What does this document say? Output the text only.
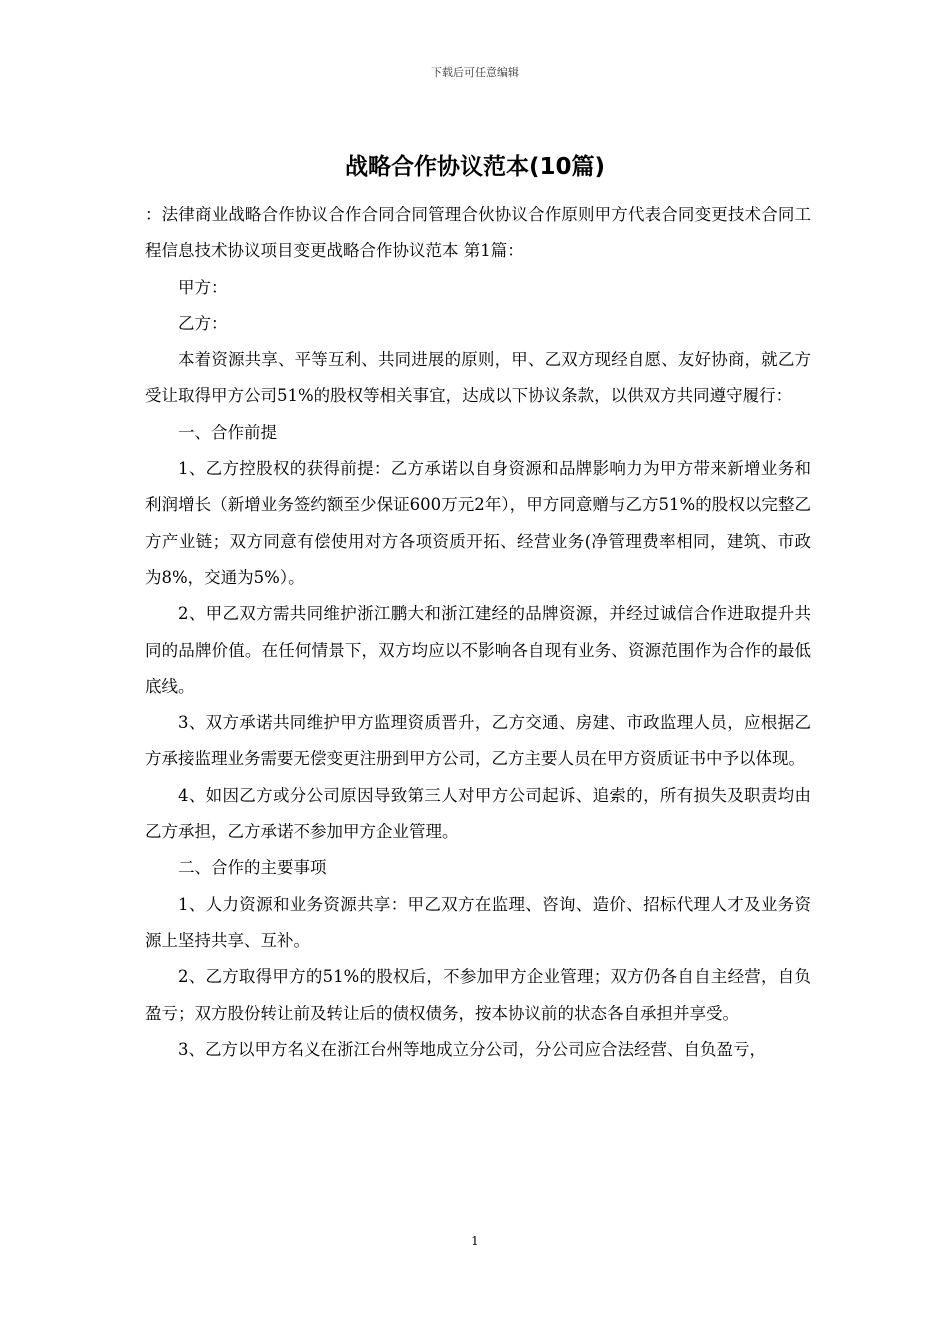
下载后可任意编辑
战略合作协议范本(10篇)

：法律商业战略合作协议合作合同合同管理合伙协议合作原则甲方代表合同变更技术合同工程信息技术协议项目变更战略合作协议范本 第1篇：

甲方：

乙方：

本着资源共享、平等互利、共同进展的原则，甲、乙双方现经自愿、友好协商，就乙方受让取得甲方公司51%的股权等相关事宜，达成以下协议条款，以供双方共同遵守履行：

一、合作前提

1、乙方控股权的获得前提：乙方承诺以自身资源和品牌影响力为甲方带来新增业务和利润增长（新增业务签约额至少保证600万元2年），甲方同意赠与乙方51%的股权以完整乙方产业链；双方同意有偿使用对方各项资质开拓、经营业务(净管理费率相同，建筑、市政为8%，交通为5%）。

2、甲乙双方需共同维护浙江鹏大和浙江建经的品牌资源，并经过诚信合作进取提升共同的品牌价值。在任何情景下，双方均应以不影响各自现有业务、资源范围作为合作的最低底线。

3、双方承诺共同维护甲方监理资质晋升，乙方交通、房建、市政监理人员，应根据乙方承接监理业务需要无偿变更注册到甲方公司，乙方主要人员在甲方资质证书中予以体现。

4、如因乙方或分公司原因导致第三人对甲方公司起诉、追索的，所有损失及职责均由乙方承担，乙方承诺不参加甲方企业管理。

二、合作的主要事项

1、人力资源和业务资源共享：甲乙双方在监理、咨询、造价、招标代理人才及业务资源上坚持共享、互补。

2、乙方取得甲方的51%的股权后，不参加甲方企业管理；双方仍各自自主经营，自负盈亏；双方股份转让前及转让后的债权债务，按本协议前的状态各自承担并享受。

3、乙方以甲方名义在浙江台州等地成立分公司，分公司应合法经营、自负盈亏，

1
